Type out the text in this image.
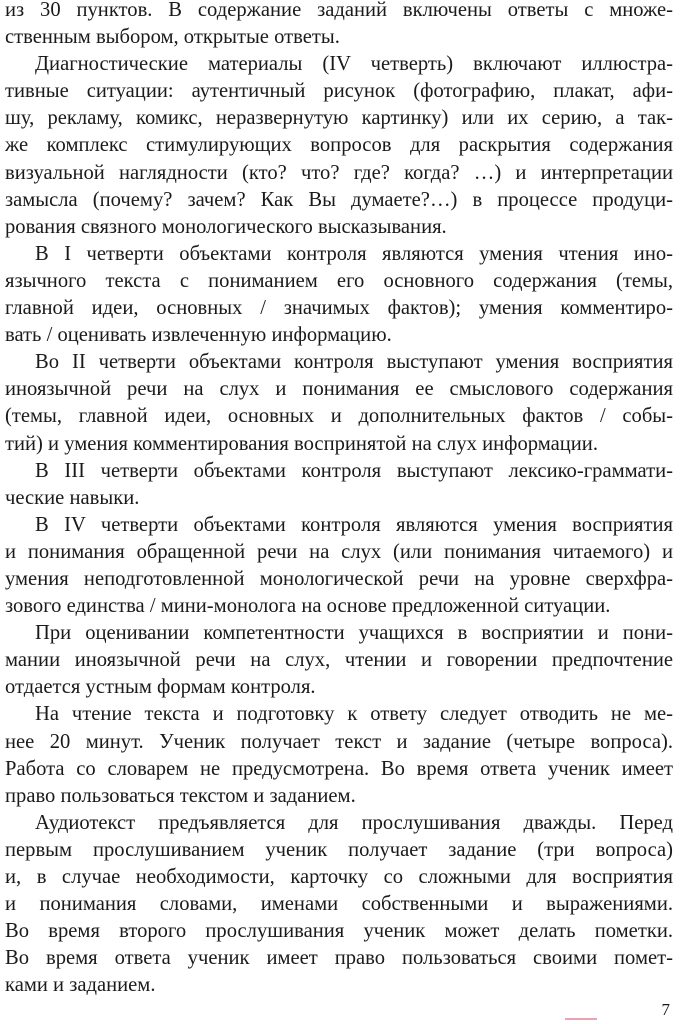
из 30 пунктов. В содержание заданий включены ответы с множе-
ственным выбором, открытые ответы.
Диагностические материалы (IV четверть) включают иллюстра-
тивные ситуации: аутентичный рисунок (фотографию, плакат, афи-
шу, рекламу, комикс, неразвернутую картинку) или их серию, а так-
же комплекс стимулирующих вопросов для раскрытия содержания
визуальной наглядности (кто? что? где? когда? …) и интерпретации
замысла (почему? зачем? Как Вы думаете?…) в процессе продуци-
рования связного монологического высказывания.
В I четверти объектами контроля являются умения чтения ино-
язычного текста с пониманием его основного содержания (темы,
главной идеи, основных / значимых фактов); умения комментиро-
вать / оценивать извлеченную информацию.
Во II четверти объектами контроля выступают умения восприятия
иноязычной речи на слух и понимания ее смыслового содержания
(темы, главной идеи, основных и дополнительных фактов / собы-
тий) и умения комментирования воспринятой на слух информации.
В III четверти объектами контроля выступают лексико-граммати-
ческие навыки.
В IV четверти объектами контроля являются умения восприятия
и понимания обращенной речи на слух (или понимания читаемого) и
умения неподготовленной монологической речи на уровне сверхфра-
зового единства / мини-монолога на основе предложенной ситуации.
При оценивании компетентности учащихся в восприятии и пони-
мании иноязычной речи на слух, чтении и говорении предпочтение
отдается устным формам контроля.
На чтение текста и подготовку к ответу следует отводить не ме-
нее 20 минут. Ученик получает текст и задание (четыре вопроса).
Работа со словарем не предусмотрена. Во время ответа ученик имеет
право пользоваться текстом и заданием.
Аудиотекст предъявляется для прослушивания дважды. Перед
первым прослушиванием ученик получает задание (три вопроса)
и, в случае необходимости, карточку со сложными для восприятия
и понимания словами, именами собственными и выражениями.
Во время второго прослушивания ученик может делать пометки.
Во время ответа ученик имеет право пользоваться своими помет-
ками и заданием.
7
